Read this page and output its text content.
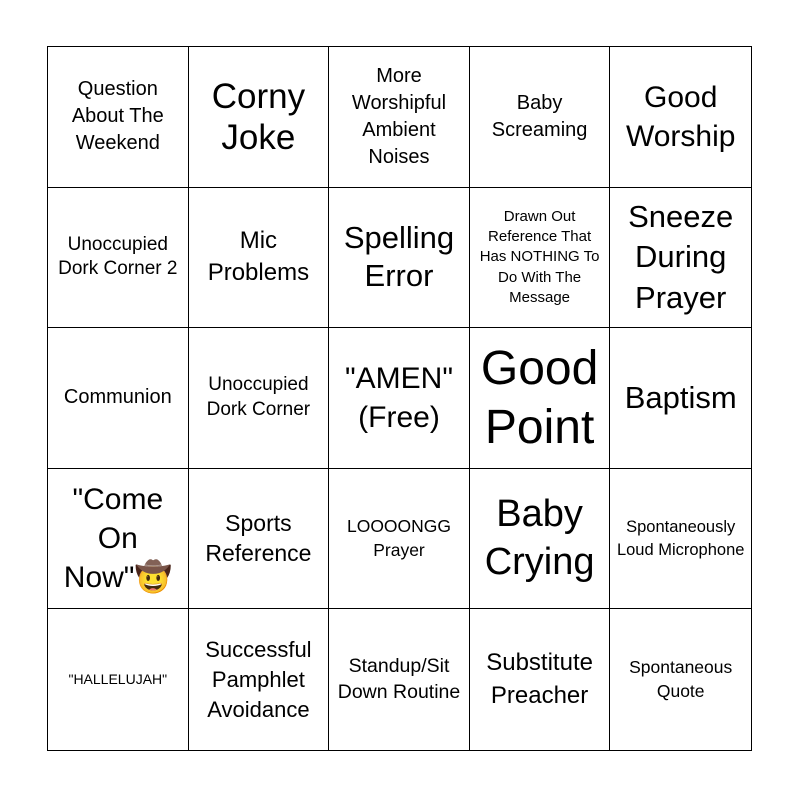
Question About The Weekend
Corny Joke
More Worshipful Ambient Noises
Baby Screaming
Good Worship
Unoccupied Dork Corner 2
Mic Problems
Spelling Error
Drawn Out Reference That Has NOTHING To Do With The Message
Sneeze During Prayer
Communion
Unoccupied Dork Corner
"AMEN" (Free)
Good Point
Baptism
"Come On Now"🤠
Sports Reference
LOOOONGG Prayer
Baby Crying
Spontaneously Loud Microphone
"HALLELUJAH"
Successful Pamphlet Avoidance
Standup/Sit Down Routine
Substitute Preacher
Spontaneous Quote
